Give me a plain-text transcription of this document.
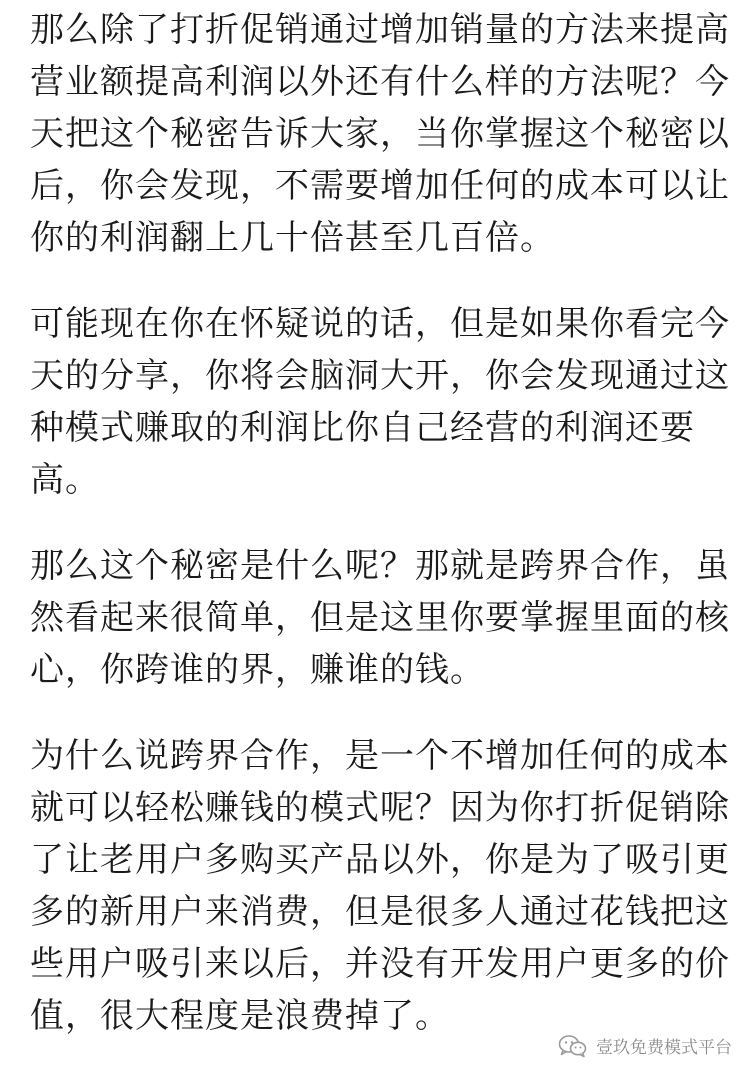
那么除了打折促销通过增加销量的方法来提高
营业额提高利润以外还有什么样的方法呢？今
天把这个秘密告诉大家，当你掌握这个秘密以
后，你会发现，不需要增加任何的成本可以让
你的利润翻上几十倍甚至几百倍。

可能现在你在怀疑说的话，但是如果你看完今
天的分享，你将会脑洞大开，你会发现通过这
种模式赚取的利润比你自己经营的利润还要
高。

那么这个秘密是什么呢？那就是跨界合作，虽
然看起来很简单，但是这里你要掌握里面的核
心，你跨谁的界，赚谁的钱。

为什么说跨界合作，是一个不增加任何的成本
就可以轻松赚钱的模式呢？因为你打折促销除
了让老用户多购买产品以外，你是为了吸引更
多的新用户来消费，但是很多人通过花钱把这
些用户吸引来以后，并没有开发用户更多的价
值，很大程度是浪费掉了。

壹玖免费模式平台
